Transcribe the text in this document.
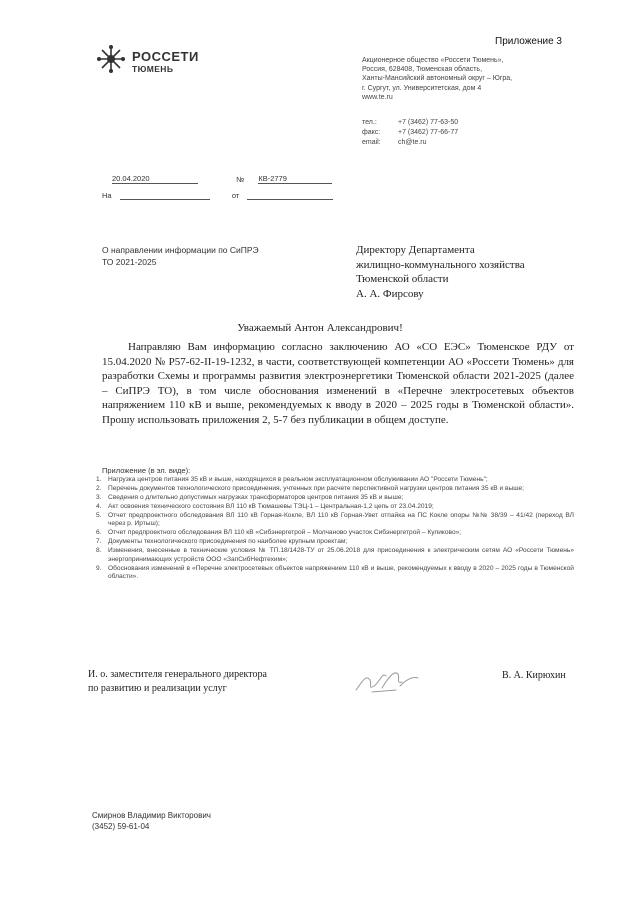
Приложение 3
РОССЕТИ
ТЮМЕНЬ
Акционерное общество «Россети Тюмень»,
Россия, 628408, Тюменская область,
Ханты-Мансийский автономный округ – Югра,
г. Сургут, ул. Университетская, дом 4
www.te.ru
тел.:	+7 (3462) 77-63-50
факс:	+7 (3462) 77-66-77
email:	ch@te.ru
20.04.2020	№ КВ-2779
На	от
О направлении информации по СиПРЭ ТО 2021-2025
Директору Департамента
жилищно-коммунального хозяйства
Тюменской области
А. А. Фирсову
Уважаемый Антон Александрович!
Направляю Вам информацию согласно заключению АО «СО ЕЭС» Тюменское РДУ от 15.04.2020 № Р57-62-II-19-1232, в части, соответствующей компетенции АО «Россети Тюмень» для разработки Схемы и программы развития электроэнергетики Тюменской области 2021-2025 (далее – СиПРЭ ТО), в том числе обоснования изменений в «Перечне электросетевых объектов напряжением 110 кВ и выше, рекомендуемых к вводу в 2020 – 2025 годы в Тюменской области». Прошу использовать приложения 2, 5-7 без публикации в общем доступе.
Приложение (в эл. виде):
1. Нагрузка центров питания 35 кВ и выше, находящихся в реальном эксплуатационном обслуживании АО "Россети Тюмень";
2. Перечень документов технологического присоединения, учтенных при расчете перспективной нагрузки центров питания 35 кВ и выше;
3. Сведения о длительно допустимых нагрузках трансформаторов центров питания 35 кВ и выше;
4. Акт освоения технического состояния ВЛ 110 кВ Тюмашевы ТЭЦ-1 – Центральная-1,2 цепь от 23.04.2019;
5. Отчет предпроектного обследования ВЛ 110 кВ Горная-Кокле, ВЛ 110 кВ Горная-Увет отпайка на ПС Кокле опоры №№ 38/39 – 41/42 (переход ВЛ через р. Иртыш);
6. Отчет предпроектного обследования ВЛ 110 кВ «Сибэнергетрой – Молчаново участок Сибэнергетрой – Куликово»;
7. Документы технологического присоединения по наиболее крупным проектам;
8. Изменения, внесенные в технические условия № ТП.18/1428-ТУ от 25.06.2018 для присоединения к электрическим сетям АО «Россети Тюмень» энергопринимающих устройств ООО «ЗапСибНефтехим»;
9. Обоснования изменений в «Перечне электросетевых объектов напряжением 110 кВ и выше, рекомендуемых к вводу в 2020 – 2025 годы в Тюменской области».
И. о. заместителя генерального директора
по развитию и реализации услуг
В. А. Кирюхин
Смирнов Владимир Викторович
(3452) 59-61-04
